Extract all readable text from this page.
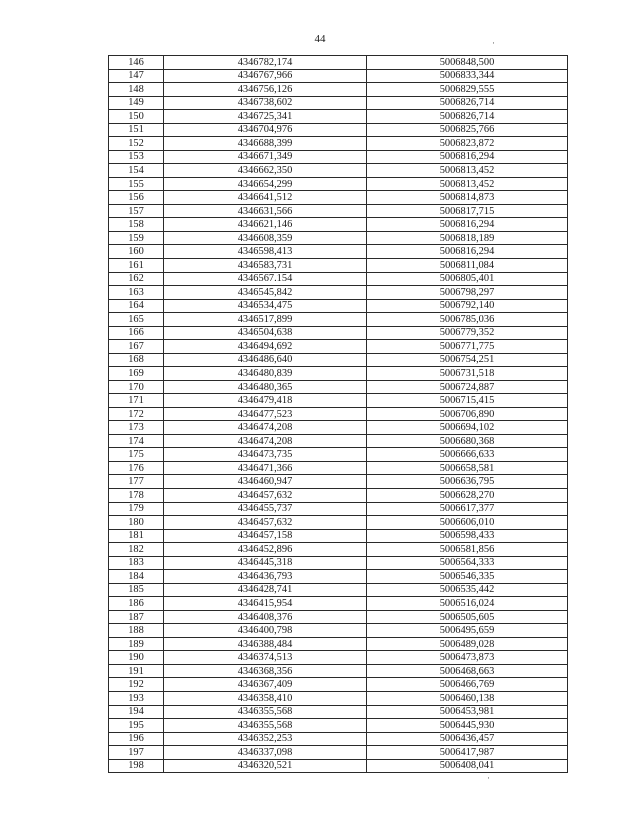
44	·
146	4346782,174	5006848,500
147	4346767,966	5006833,344
148	4346756,126	5006829,555
149	4346738,602	5006826,714
150	4346725,341	5006826,714
151	4346704,976	5006825,766
152	4346688,399	5006823,872
153	4346671,349	5006816,294
154	4346662,350	5006813,452
155	4346654,299	5006813,452
156	4346641,512	5006814,873
157	4346631,566	5006817,715
158	4346621,146	5006816,294
159	4346608,359	5006818,189
160	4346598,413	5006816,294
161	4346583,731	5006811,084
162	4346567.154	5006805,401
163	4346545,842	5006798,297
164	4346534,475	5006792,140
165	4346517,899	5006785,036
166	4346504,638	5006779,352
167	4346494,692	5006771,775
168	4346486,640	5006754,251
169	4346480,839	5006731,518
170	4346480,365	5006724,887
171	4346479,418	5006715,415
172	4346477,523	5006706,890
173	4346474,208	5006694,102
174	4346474,208	5006680,368
175	4346473,735	5006666,633
176	4346471,366	5006658,581
177	4346460,947	5006636,795
178	4346457,632	5006628,270
179	4346455,737	5006617,377
180	4346457,632	5006606,010
181	4346457,158	5006598,433
182	4346452,896	5006581,856
183	4346445,318	5006564,333
184	4346436,793	5006546,335
185	4346428,741	5006535,442
186	4346415,954	5006516,024
187	4346408,376	5006505,605
188	4346400,798	5006495,659
189	4346388,484	5006489,028
190	4346374,513	5006473,873
191	4346368,356	5006468,663
192	4346367,409	5006466,769
193	4346358,410	5006460,138
194	4346355,568	5006453,981
195	4346355,568	5006445,930
196	4346352,253	5006436,457
197	4346337,098	5006417,987
198	4346320,521	5006408,041
·
